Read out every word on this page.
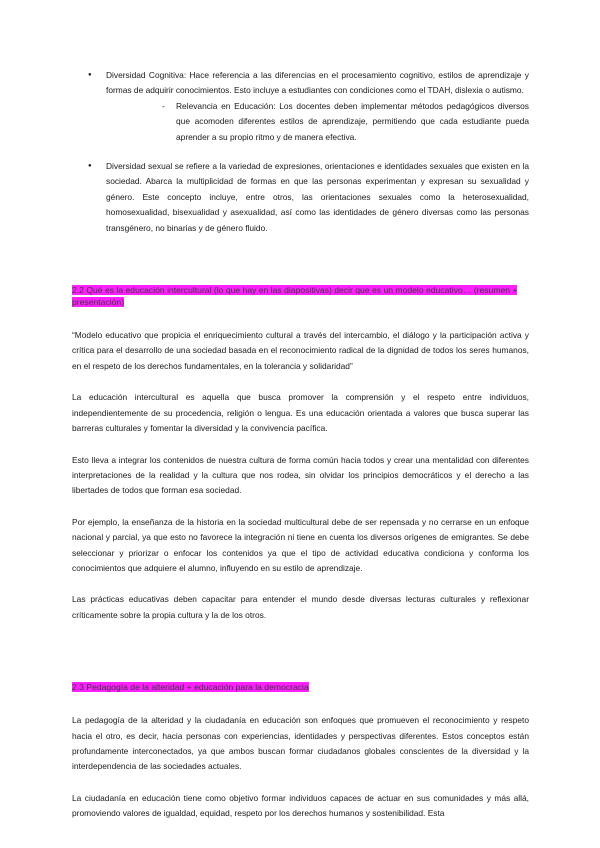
● Diversidad Cognitiva: Hace referencia a las diferencias en el procesamiento cognitivo, estilos de aprendizaje y formas de adquirir conocimientos. Esto incluye a estudiantes con condiciones como el TDAH, dislexia o autismo.

- Relevancia en Educación: Los docentes deben implementar métodos pedagógicos diversos que acomoden diferentes estilos de aprendizaje, permitiendo que cada estudiante pueda aprender a su propio ritmo y de manera efectiva.

● Diversidad sexual se refiere a la variedad de expresiones, orientaciones e identidades sexuales que existen en la sociedad. Abarca la multiplicidad de formas en que las personas experimentan y expresan su sexualidad y género. Este concepto incluye, entre otros, las orientaciones sexuales como la heterosexualidad, homosexualidad, bisexualidad y asexualidad, así como las identidades de género diversas como las personas transgénero, no binarias y de género fluido.

2.2 Qué es la educación intercultural (lo que hay en las diapositivas) decir que es un modelo educativo… (resumen + presentación)

“Modelo educativo que propicia el enriquecimiento cultural a través del intercambio, el diálogo y la participación activa y crítica para el desarrollo de una sociedad basada en el reconocimiento radical de la dignidad de todos los seres humanos, en el respeto de los derechos fundamentales, en la tolerancia y solidaridad”

La educación intercultural es aquella que busca promover la comprensión y el respeto entre individuos, independientemente de su procedencia, religión o lengua. Es una educación orientada a valores que busca superar las barreras culturales y fomentar la diversidad y la convivencia pacífica.

Esto lleva a integrar los contenidos de nuestra cultura de forma común hacia todos y crear una mentalidad con diferentes interpretaciones de la realidad y la cultura que nos rodea, sin olvidar los principios democráticos y el derecho a las libertades de todos que forman esa sociedad.

Por ejemplo, la enseñanza de la historia en la sociedad multicultural debe de ser repensada y no cerrarse en un enfoque nacional y parcial, ya que esto no favorece la integración ni tiene en cuenta los diversos orígenes de emigrantes. Se debe seleccionar y priorizar o enfocar los contenidos ya que el tipo de actividad educativa condiciona y conforma los conocimientos que adquiere el alumno, influyendo en su estilo de aprendizaje.

Las prácticas educativas deben capacitar para entender el mundo desde diversas lecturas culturales y reflexionar críticamente sobre la propia cultura y la de los otros.

2.3 Pedagogía de la alteridad + educación para la democracia

La pedagogía de la alteridad y la ciudadanía en educación son enfoques que promueven el reconocimiento y respeto hacia el otro, es decir, hacia personas con experiencias, identidades y perspectivas diferentes. Estos conceptos están profundamente interconectados, ya que ambos buscan formar ciudadanos globales conscientes de la diversidad y la interdependencia de las sociedades actuales.

La ciudadanía en educación tiene como objetivo formar individuos capaces de actuar en sus comunidades y más allá, promoviendo valores de igualdad, equidad, respeto por los derechos humanos y sostenibilidad. Esta
